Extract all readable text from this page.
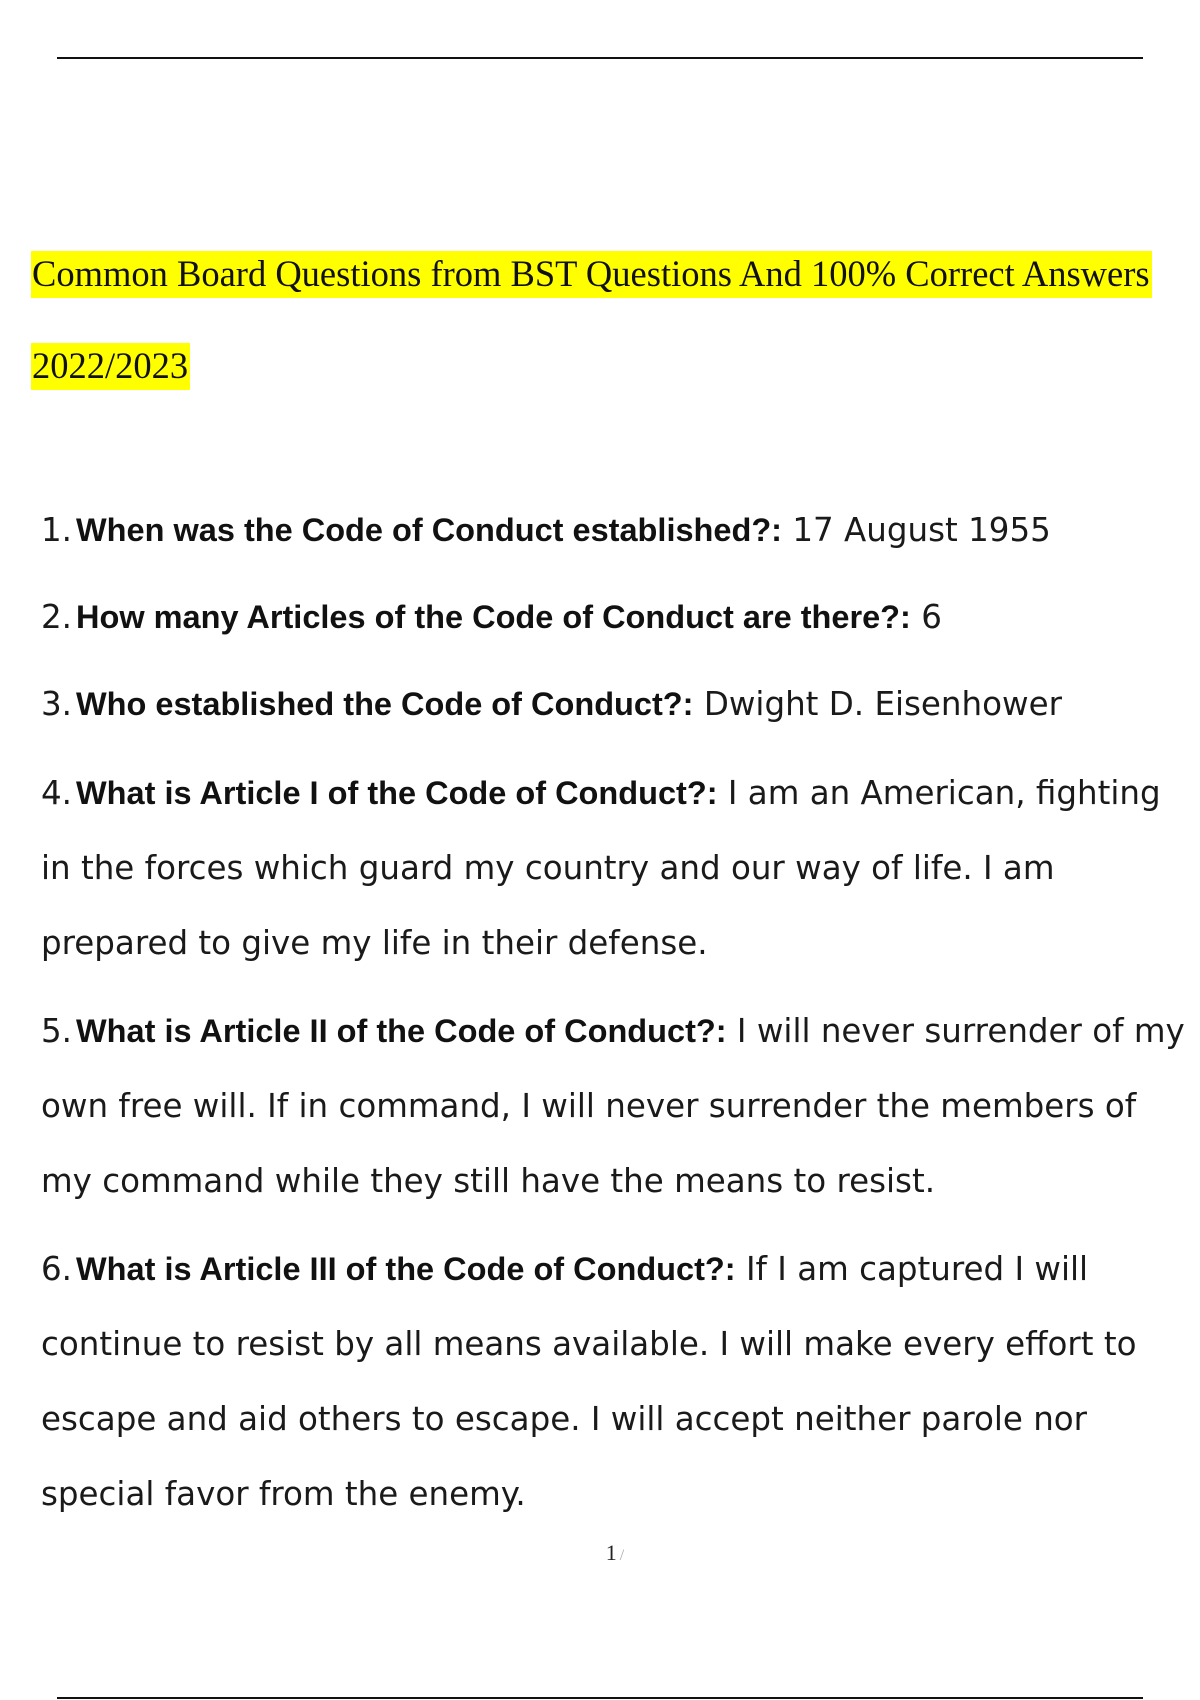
Common Board Questions from BST Questions And 100% Correct Answers 2022/2023
1. When was the Code of Conduct established?: 17 August 1955
2. How many Articles of the Code of Conduct are there?: 6
3. Who established the Code of Conduct?: Dwight D. Eisenhower
4. What is Article I of the Code of Conduct?: I am an American, fighting in the forces which guard my country and our way of life. I am prepared to give my life in their defense.
5. What is Article II of the Code of Conduct?: I will never surrender of my own free will. If in command, I will never surrender the members of my command while they still have the means to resist.
6. What is Article III of the Code of Conduct?: If I am captured I will continue to resist by all means available. I will make every effort to escape and aid others to escape. I will accept neither parole nor special favor from the enemy.
1 /
